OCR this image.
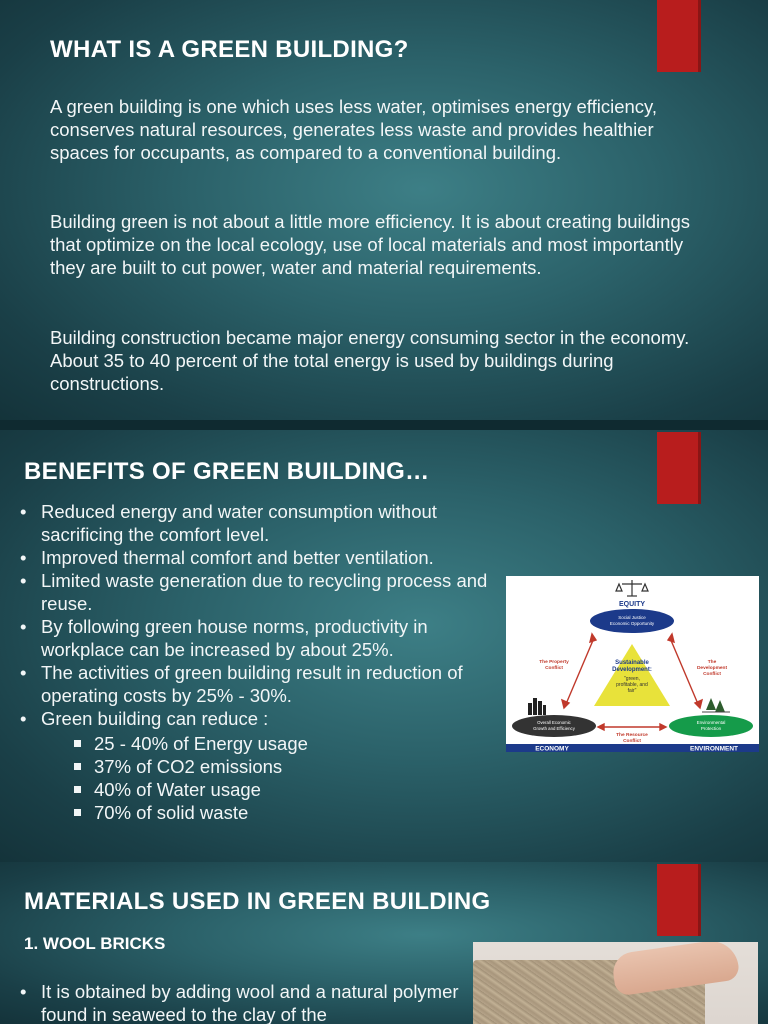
WHAT IS A GREEN BUILDING?

A green building is one which uses less water, optimises energy efficiency, conserves natural resources, generates less waste and provides healthier spaces for occupants, as compared to a conventional building.

Building green is not about a little more efficiency. It is about creating buildings that optimize on the local ecology, use of local materials and most importantly they are built to cut power, water and material requirements.

Building construction became major energy consuming sector in the economy. About 35 to 40 percent of the total energy is used by buildings during constructions.

BENEFITS OF GREEN BUILDING…
• Reduced energy and water consumption without sacrificing the comfort level.
• Improved thermal comfort and better ventilation.
• Limited waste generation due to recycling process and reuse.
• By following green house norms, productivity in workplace can be increased by about 25%.
• The activities of green building result in reduction of operating costs by 25% - 30%.
• Green building can reduce :
25 - 40% of Energy usage
37% of CO2 emissions
40% of Water usage
70% of solid waste
EQUITY
Social Justice
Economic Opportunity
Sustainable
Development:
"green,
profitable, and
fair"
The Property
Conflict
The
Development
Conflict
The Resource
Conflict
Overall Economic
Growth and Efficiency
Environmental
Protection
ECONOMY	ENVIRONMENT
MATERIALS USED IN GREEN BUILDING
1. WOOL BRICKS
• It is obtained by adding wool and a natural polymer found in seaweed to the clay of the
